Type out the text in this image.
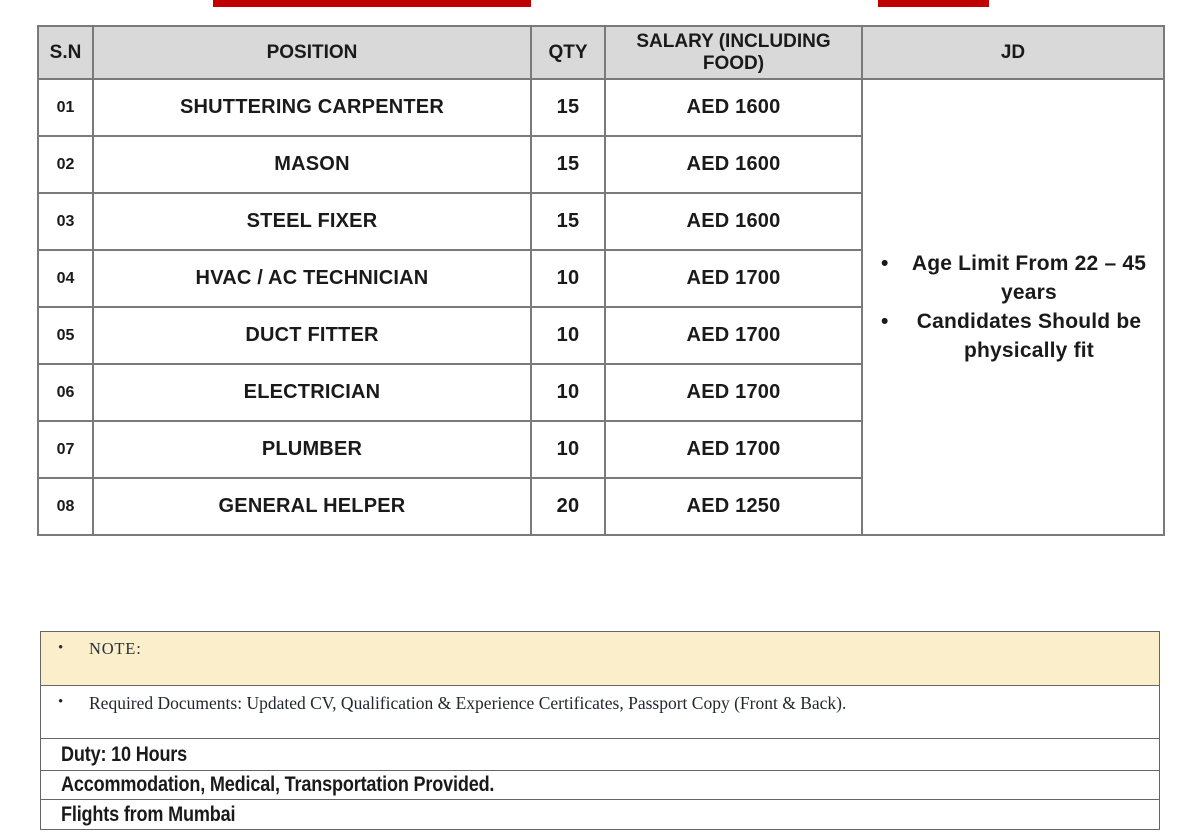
S.N	POSITION	QTY	SALARY (INCLUDING FOOD)	JD
01	SHUTTERING CARPENTER	15	AED 1600	• Age Limit From 22 – 45 years
• Candidates Should be physically fit

02	MASON	15	AED 1600	
03	STEEL FIXER	15	AED 1600	
04	HVAC / AC TECHNICIAN	10	AED 1700	
05	DUCT FITTER	10	AED 1700	
06	ELECTRICIAN	10	AED 1700	
07	PLUMBER	10	AED 1700	
08	GENERAL HELPER	20	AED 1250	
•	NOTE:
•	Required Documents: Updated CV, Qualification & Experience Certificates, Passport Copy (Front & Back).
Duty: 10 Hours
Accommodation, Medical, Transportation Provided.
Flights from Mumbai
